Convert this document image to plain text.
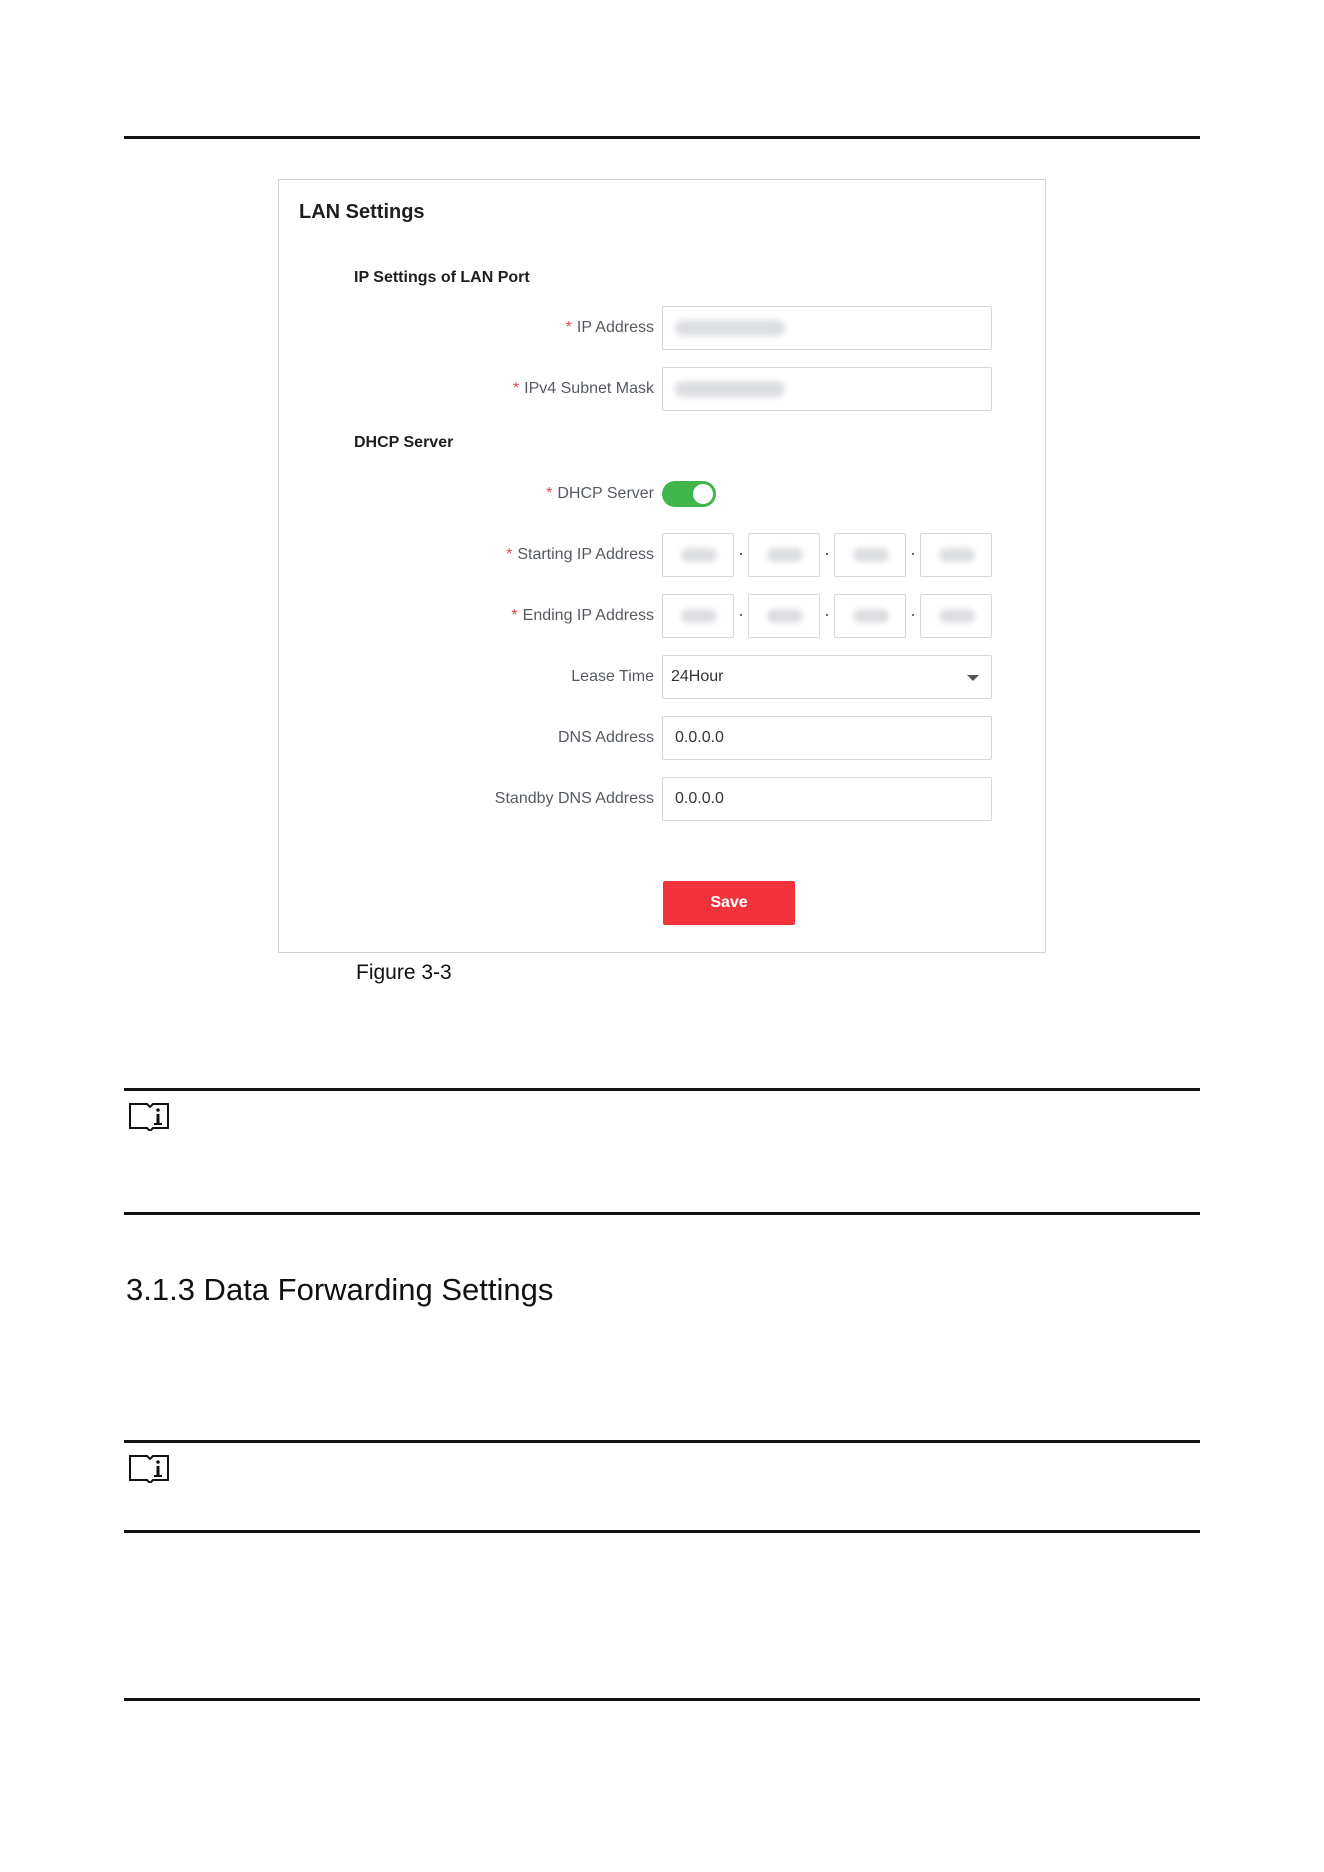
LAN Settings
IP Settings of LAN Port
* IP Address
* IPv4 Subnet Mask
DHCP Server
* DHCP Server
* Starting IP Address	·	·	·
* Ending IP Address	·	·	·
Lease Time 24Hour
DNS Address 0.0.0.0
Standby DNS Address 0.0.0.0
Save
Figure 3-3
3.1.3 Data Forwarding Settings
